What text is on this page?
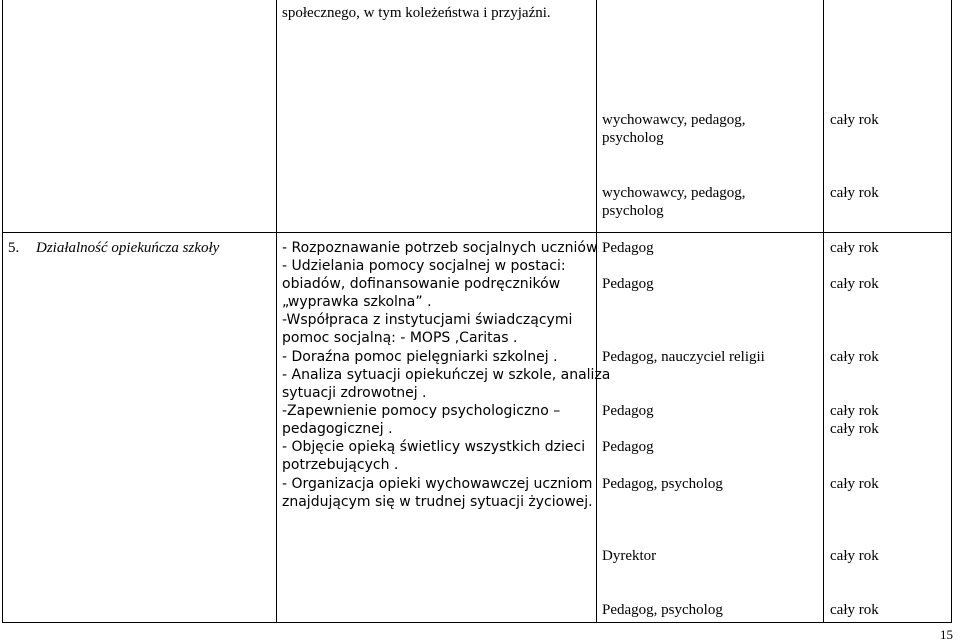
społecznego, w tym koleżeństwa i przyjaźni.
wychowawcy, pedagog,
psycholog
cały rok
wychowawcy, pedagog,
psycholog
cały rok
5. Działalność opiekuńcza szkoły	- Rozpoznawanie potrzeb socjalnych uczniów
- Udzielania pomocy socjalnej w postaci:
obiadów, dofinansowanie podręczników
„wyprawka szkolna” .
-Współpraca z instytucjami świadczącymi
pomoc socjalną: - MOPS ,Caritas .
- Doraźna pomoc pielęgniarki szkolnej .
- Analiza sytuacji opiekuńczej w szkole, analiza
sytuacji zdrowotnej .
-Zapewnienie pomocy psychologiczno –
pedagogicznej .
- Objęcie opieką świetlicy wszystkich dzieci
potrzebujących .
- Organizacja opieki wychowawczej uczniom
znajdującym się w trudnej sytuacji życiowej.
Pedagog
Pedagog
Pedagog, nauczyciel religii
Pedagog
Pedagog
Pedagog, psycholog
Dyrektor
Pedagog, psycholog
cały rok
cały rok
cały rok
cały rok
cały rok
cały rok
cały rok
cały rok
15
